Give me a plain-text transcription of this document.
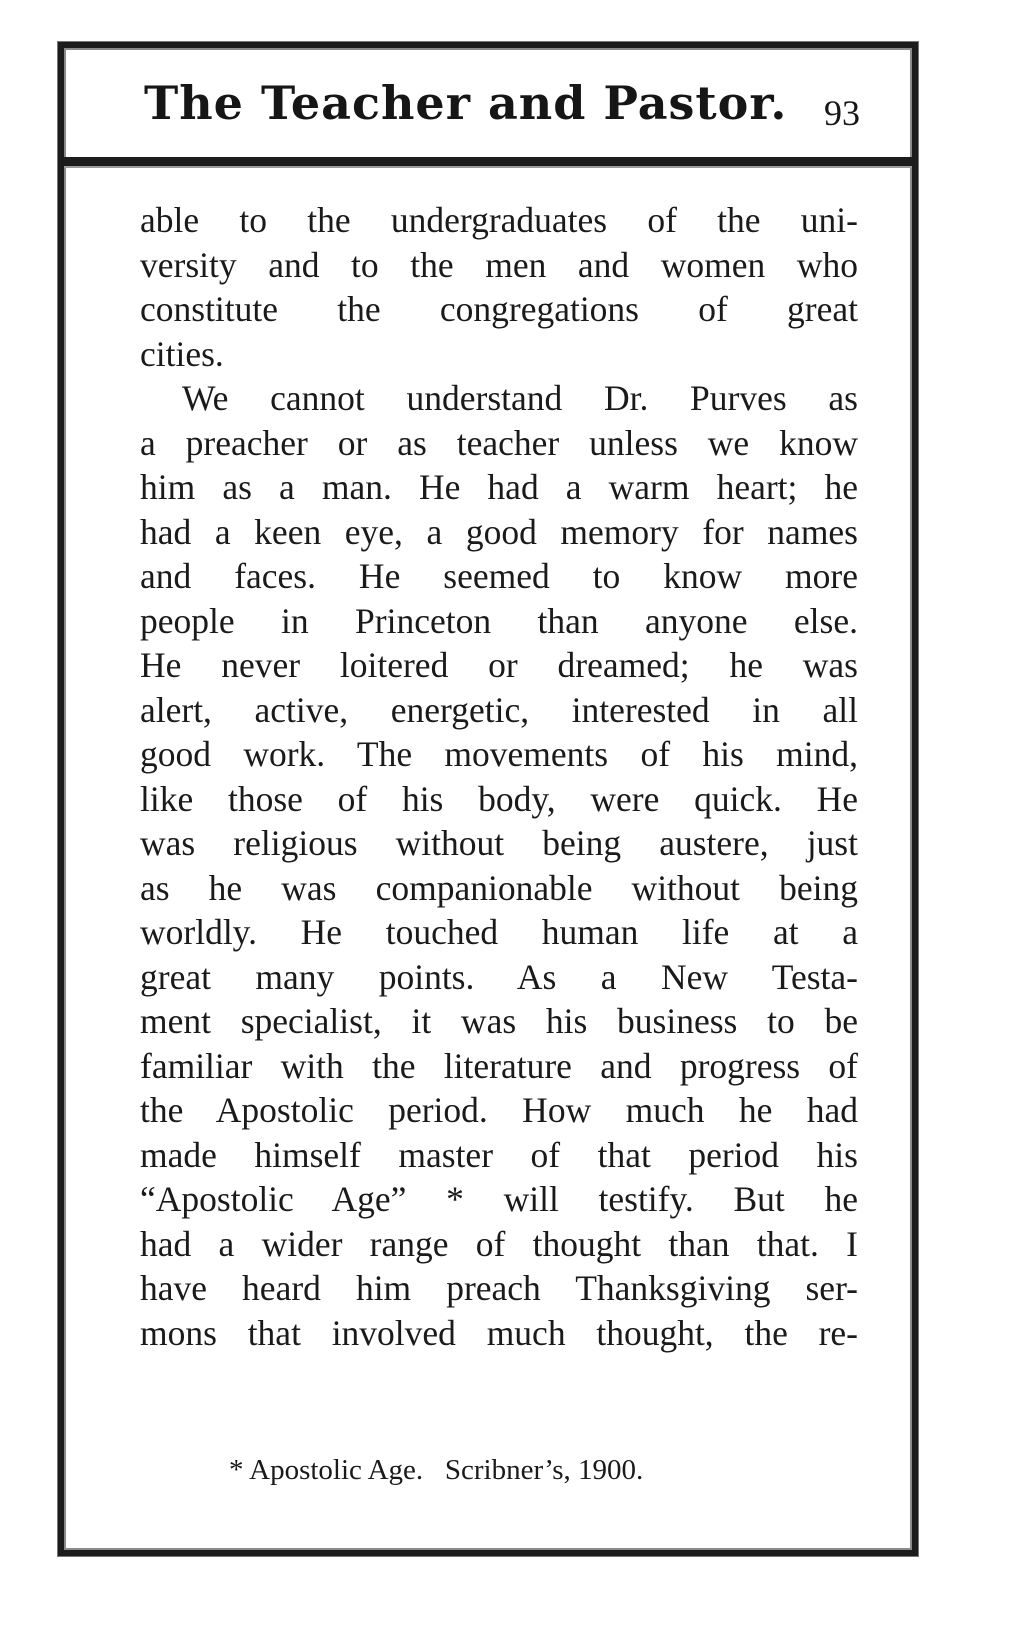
The Teacher and Pastor. 93

able to the undergraduates of the uni-

versity and to the men and women who

constitute the congregations of great

cities.

We cannot understand Dr. Purves as

a preacher or as teacher unless we know

him as a man. He had a warm heart; he

had a keen eye, a good memory for names

and faces. He seemed to know more

people in Princeton than anyone else.

He never loitered or dreamed; he was

alert, active, energetic, interested in all

good work. The movements of his mind,

like those of his body, were quick. He

was religious without being austere, just

as he was companionable without being

worldly. He touched human life at a

great many points. As a New Testa-

ment specialist, it was his business to be

familiar with the literature and progress of

the Apostolic period. How much he had

made himself master of that period his

“Apostolic Age” * will testify. But he

had a wider range of thought than that. I

have heard him preach Thanksgiving ser-

mons that involved much thought, the re-

* Apostolic Age.   Scribner’s, 1900.
